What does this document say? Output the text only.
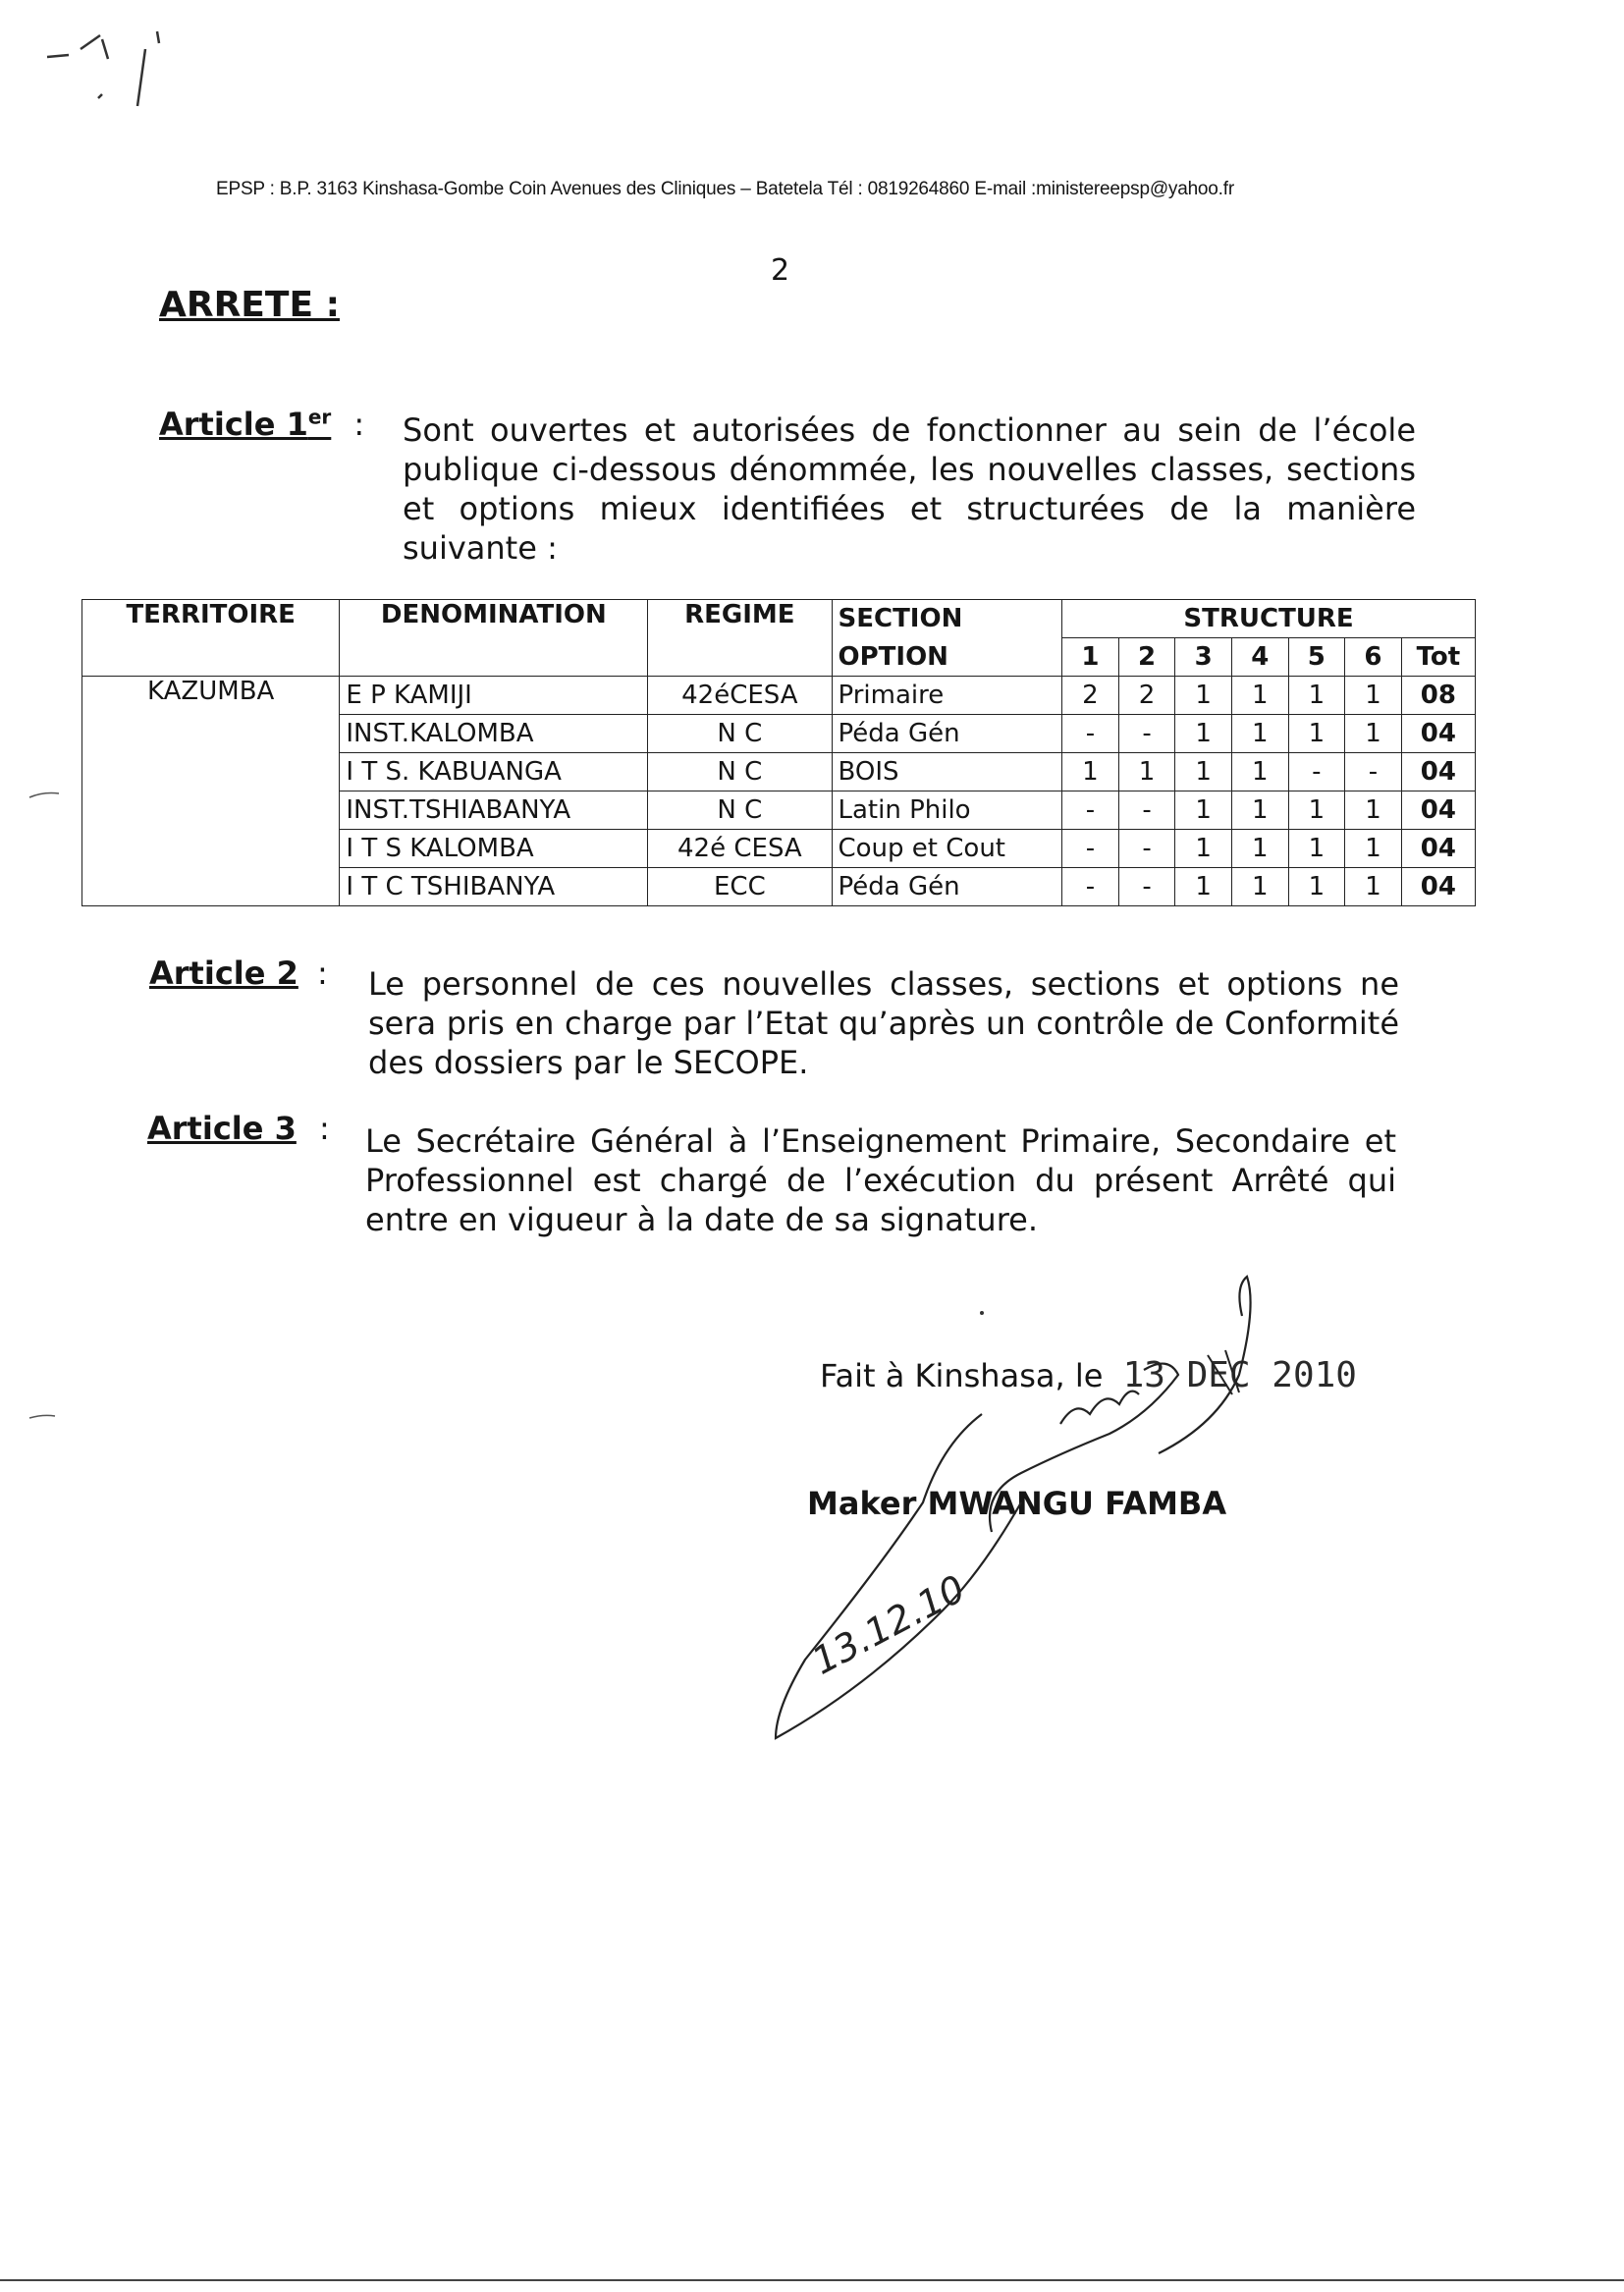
EPSP : B.P. 3163 Kinshasa-Gombe Coin Avenues des Cliniques – Batetela Tél : 0819264860 E-mail :ministereepsp@yahoo.fr
2
ARRETE :
Article 1er : Sont ouvertes et autorisées de fonctionner au sein de l’école publique ci-dessous dénommée, les nouvelles classes, sections et options mieux identifiées et structurées de la manière suivante :
TERRITOIRE	DENOMINATION	REGIME	SECTION	STRUCTURE						
			OPTION	1	2	3	4	5	6	Tot
KAZUMBA	E P KAMIJI	42éCESA	Primaire	2	2	1	1	1	1	08
	INST.KALOMBA	N C	Péda Gén	-	-	1	1	1	1	04
	I T S. KABUANGA	N C	BOIS	1	1	1	1	-	-	04
	INST.TSHIABANYA	N C	Latin Philo	-	-	1	1	1	1	04
	I T S KALOMBA	42é CESA	Coup et Cout	-	-	1	1	1	1	04
	I T C TSHIBANYA	ECC	Péda Gén	-	-	1	1	1	1	04
Article 2 : Le personnel de ces nouvelles classes, sections et options ne sera pris en charge par l’Etat qu’après un contrôle de Conformité des dossiers par le SECOPE.
Article 3 : Le Secrétaire Général à l’Enseignement Primaire, Secondaire et Professionnel est chargé de l’exécution du présent Arrêté qui entre en vigueur à la date de sa signature.
Fait à Kinshasa, le 13 DEC 2010
Maker MWANGU FAMBA
13.12.10
